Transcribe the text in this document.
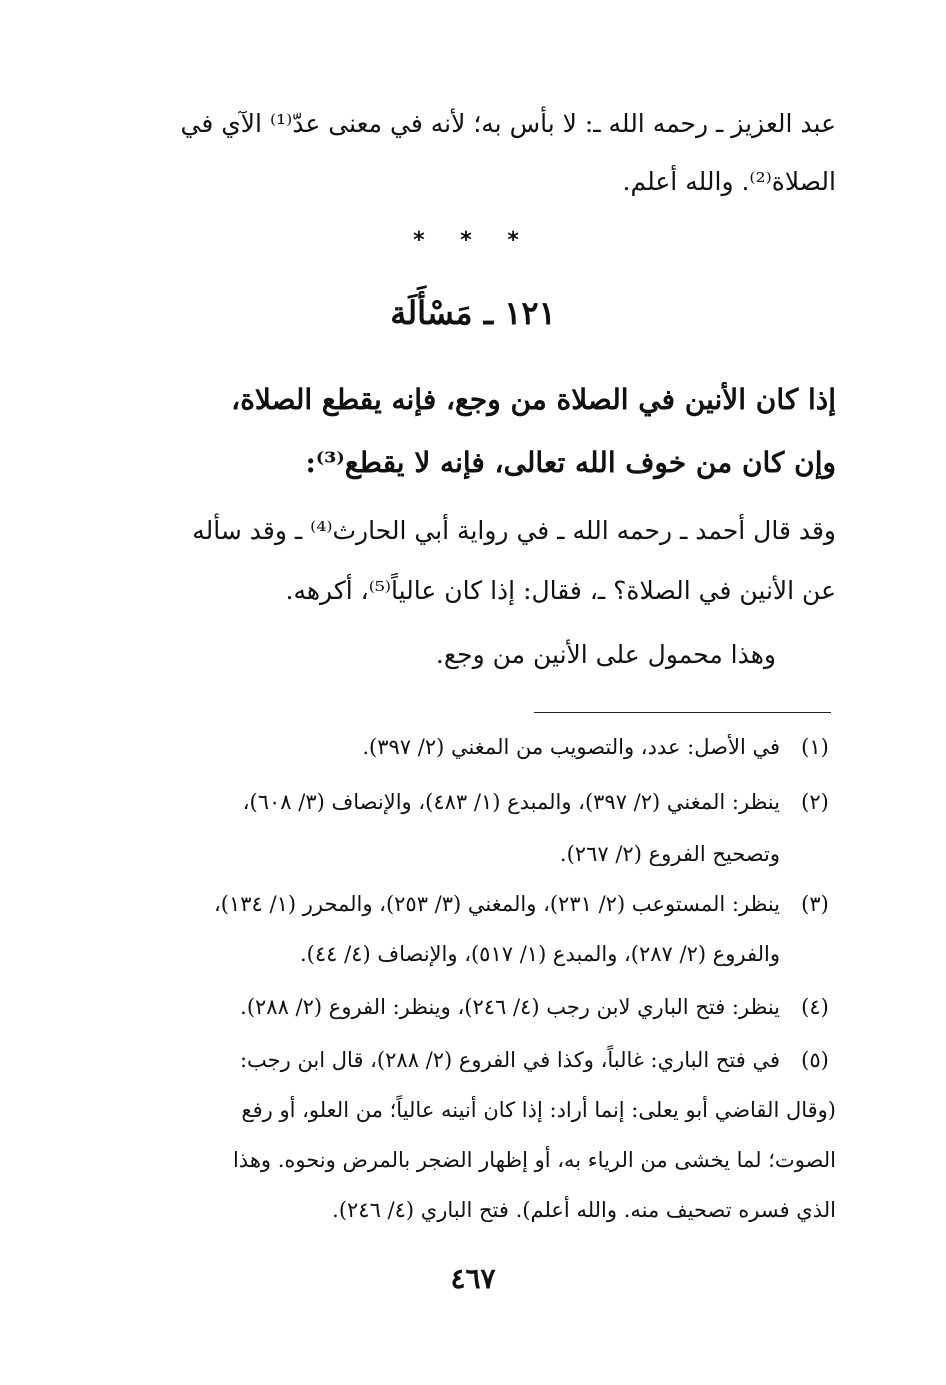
عبد العزيز ـ رحمه الله ـ: لا بأس به؛ لأنه في معنى عدّ⁽¹⁾ الآي في
الصلاة⁽²⁾. والله أعلم.
* * *
١٢١ ـ مَسْأَلَة
إذا كان الأنين في الصلاة من وجع، فإنه يقطع الصلاة،
وإن كان من خوف الله تعالى، فإنه لا يقطع⁽³⁾:
وقد قال أحمد ـ رحمه الله ـ في رواية أبي الحارث⁽⁴⁾ ـ وقد سأله
عن الأنين في الصلاة؟ ـ، فقال: إذا كان عالياً⁽⁵⁾، أكرهه.
وهذا محمول على الأنين من وجع.
(١)
في الأصل: عدد، والتصويب من المغني (٢/ ٣٩٧).
(٢)
ينظر: المغني (٢/ ٣٩٧)، والمبدع (١/ ٤٨٣)، والإنصاف (٣/ ٦٠٨)،
وتصحيح الفروع (٢/ ٢٦٧).
(٣)
ينظر: المستوعب (٢/ ٢٣١)، والمغني (٣/ ٢٥٣)، والمحرر (١/ ١٣٤)،
والفروع (٢/ ٢٨٧)، والمبدع (١/ ٥١٧)، والإنصاف (٤/ ٤٤).
(٤)
ينظر: فتح الباري لابن رجب (٤/ ٢٤٦)، وينظر: الفروع (٢/ ٢٨٨).
(٥)
في فتح الباري: غالباً، وكذا في الفروع (٢/ ٢٨٨)، قال ابن رجب:
(وقال القاضي أبو يعلى: إنما أراد: إذا كان أنينه عالياً؛ من العلو، أو رفع
الصوت؛ لما يخشى من الرياء به، أو إظهار الضجر بالمرض ونحوه. وهذا
الذي فسره تصحيف منه. والله أعلم). فتح الباري (٤/ ٢٤٦).
٤٦٧
